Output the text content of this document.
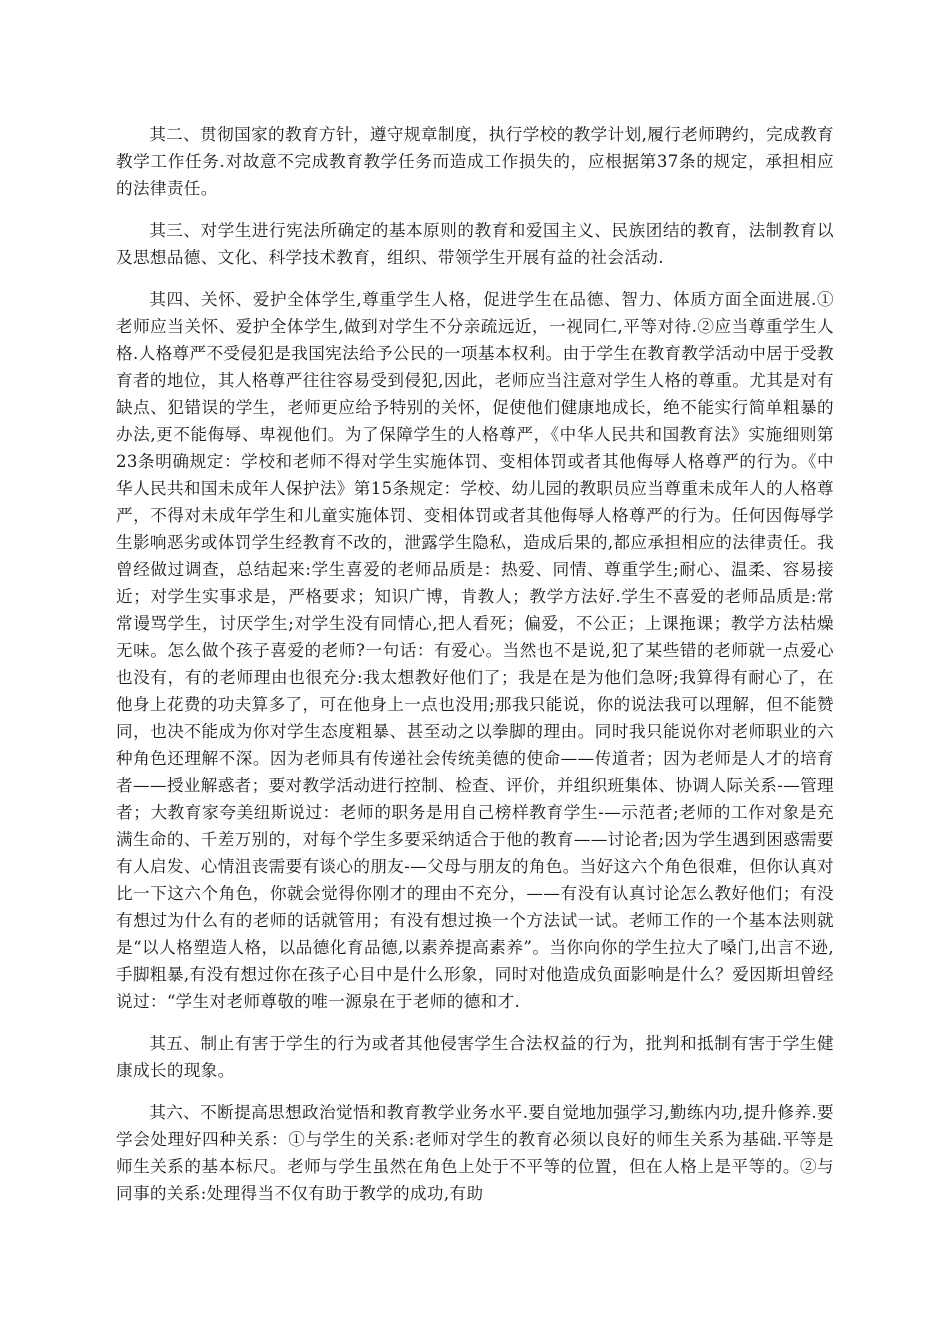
其二、贯彻国家的教育方针，遵守规章制度，执行学校的教学计划,履行老师聘约，完成教育教学工作任务.对故意不完成教育教学任务而造成工作损失的，应根据第37条的规定，承担相应的法律责任。

其三、对学生进行宪法所确定的基本原则的教育和爱国主义、民族团结的教育，法制教育以及思想品德、文化、科学技术教育，组织、带领学生开展有益的社会活动.

其四、关怀、爱护全体学生,尊重学生人格，促进学生在品德、智力、体质方面全面进展.①老师应当关怀、爱护全体学生,做到对学生不分亲疏远近，一视同仁,平等对待.②应当尊重学生人格.人格尊严不受侵犯是我国宪法给予公民的一项基本权利。由于学生在教育教学活动中居于受教育者的地位，其人格尊严往往容易受到侵犯,因此，老师应当注意对学生人格的尊重。尤其是对有缺点、犯错误的学生，老师更应给予特别的关怀，促使他们健康地成长，绝不能实行简单粗暴的办法,更不能侮辱、卑视他们。为了保障学生的人格尊严，《中华人民共和国教育法》实施细则第23条明确规定：学校和老师不得对学生实施体罚、变相体罚或者其他侮辱人格尊严的行为。《中华人民共和国未成年人保护法》第15条规定：学校、幼儿园的教职员应当尊重未成年人的人格尊严，不得对未成年学生和儿童实施体罚、变相体罚或者其他侮辱人格尊严的行为。任何因侮辱学生影响恶劣或体罚学生经教育不改的，泄露学生隐私，造成后果的,都应承担相应的法律责任。我曾经做过调查，总结起来:学生喜爱的老师品质是：热爱、同情、尊重学生;耐心、温柔、容易接近；对学生实事求是，严格要求；知识广博，肯教人；教学方法好.学生不喜爱的老师品质是:常常谩骂学生，讨厌学生;对学生没有同情心,把人看死；偏爱，不公正；上课拖课；教学方法枯燥无味。怎么做个孩子喜爱的老师?一句话：有爱心。当然也不是说,犯了某些错的老师就一点爱心也没有，有的老师理由也很充分:我太想教好他们了；我是在是为他们急呀;我算得有耐心了，在他身上花费的功夫算多了，可在他身上一点也没用;那我只能说，你的说法我可以理解，但不能赞同，也决不能成为你对学生态度粗暴、甚至动之以拳脚的理由。同时我只能说你对老师职业的六种角色还理解不深。因为老师具有传递社会传统美德的使命——传道者；因为老师是人才的培育者——授业解惑者；要对教学活动进行控制、检查、评价，并组织班集体、协调人际关系-—管理者；大教育家夸美纽斯说过：老师的职务是用自己榜样教育学生-—示范者;老师的工作对象是充满生命的、千差万别的，对每个学生多要采纳适合于他的教育——讨论者;因为学生遇到困惑需要有人启发、心情沮丧需要有谈心的朋友-—父母与朋友的角色。当好这六个角色很难，但你认真对比一下这六个角色，你就会觉得你刚才的理由不充分，——有没有认真讨论怎么教好他们；有没有想过为什么有的老师的话就管用；有没有想过换一个方法试一试。老师工作的一个基本法则就是“以人格塑造人格，以品德化育品德,以素养提高素养”。当你向你的学生拉大了嗓门,出言不逊,手脚粗暴,有没有想过你在孩子心目中是什么形象，同时对他造成负面影响是什么？爱因斯坦曾经说过：“学生对老师尊敬的唯一源泉在于老师的德和才.

其五、制止有害于学生的行为或者其他侵害学生合法权益的行为，批判和抵制有害于学生健康成长的现象。

其六、不断提高思想政治觉悟和教育教学业务水平.要自觉地加强学习,勤练内功,提升修养.要学会处理好四种关系：①与学生的关系:老师对学生的教育必须以良好的师生关系为基础.平等是师生关系的基本标尺。老师与学生虽然在角色上处于不平等的位置，但在人格上是平等的。②与同事的关系:处理得当不仅有助于教学的成功,有助
